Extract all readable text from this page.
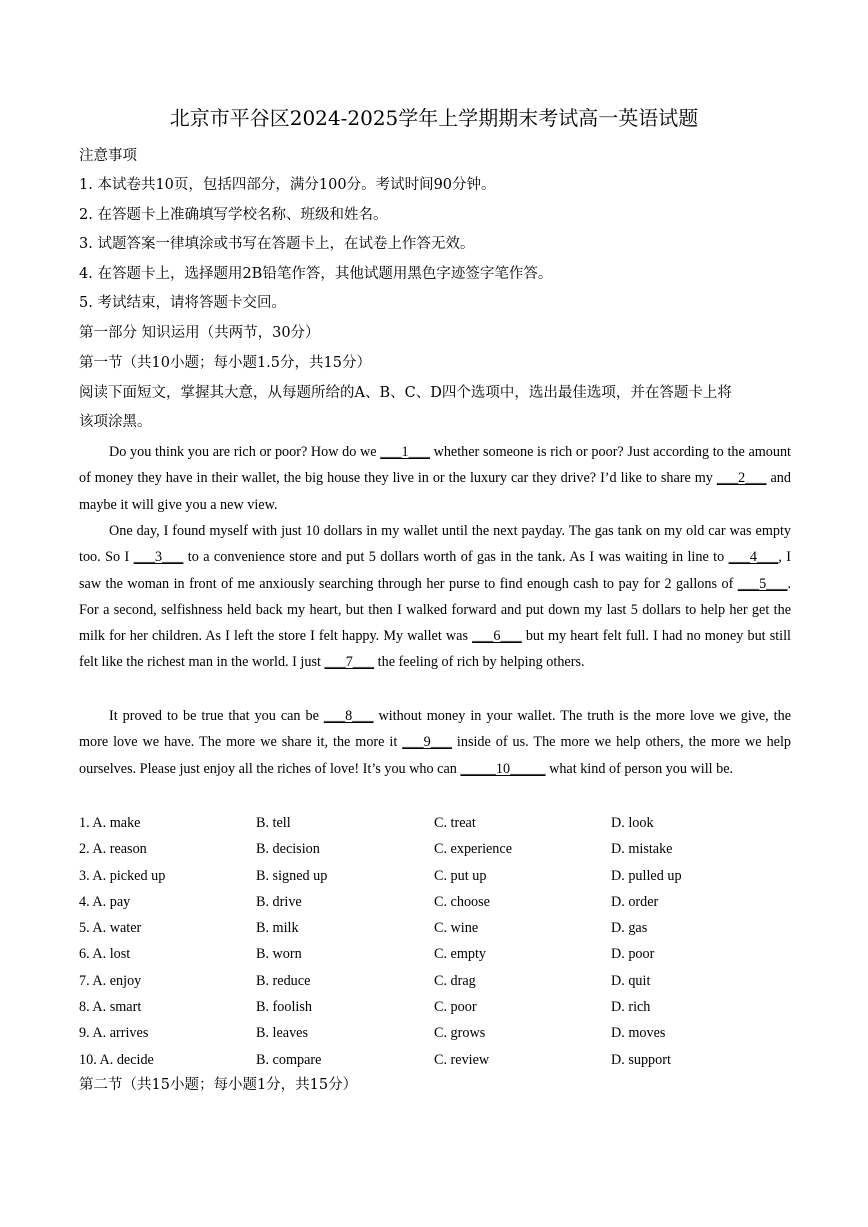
北京市平谷区2024-2025学年上学期期末考试高一英语试题
注意事项
1. 本试卷共10页，包括四部分，满分100分。考试时间90分钟。
2. 在答题卡上准确填写学校名称、班级和姓名。
3. 试题答案一律填涂或书写在答题卡上，在试卷上作答无效。
4. 在答题卡上，选择题用2B铅笔作答，其他试题用黑色字迹签字笔作答。
5. 考试结束，请将答题卡交回。
第一部分 知识运用（共两节，30分）
第一节（共10小题；每小题1.5分，共15分）
阅读下面短文，掌握其大意，从每题所给的A、B、C、D四个选项中，选出最佳选项，并在答题卡上将
该项涂黑。
Do you think you are rich or poor? How do we ___1___ whether someone is rich or poor? Just according to the amount of money they have in their wallet, the big house they live in or the luxury car they drive? I’d like to share my ___2___ and maybe it will give you a new view.
One day, I found myself with just 10 dollars in my wallet until the next payday. The gas tank on my old car was empty too. So I ___3___ to a convenience store and put 5 dollars worth of gas in the tank. As I was waiting in line to ___4___, I saw the woman in front of me anxiously searching through her purse to find enough cash to pay for 2 gallons of ___5___. For a second, selfishness held back my heart, but then I walked forward and put down my last 5 dollars to help her get the milk for her children. As I left the store I felt happy. My wallet was ___6___ but my heart felt full. I had no money but still felt like the richest man in the world. I just ___7___ the feeling of rich by helping others.
It proved to be true that you can be ___8___ without money in your wallet. The truth is the more love we give, the more love we have. The more we share it, the more it ___9___ inside of us. The more we help others, the more we help ourselves. Please just enjoy all the riches of love! It’s you who can _____10_____ what kind of person you will be.
1. A. make	B. tell	C. treat	D. look
2. A. reason	B. decision	C. experience	D. mistake
3. A. picked up	B. signed up	C. put up	D. pulled up
4. A. pay	B. drive	C. choose	D. order
5. A. water	B. milk	C. wine	D. gas
6. A. lost	B. worn	C. empty	D. poor
7. A. enjoy	B. reduce	C. drag	D. quit
8. A. smart	B. foolish	C. poor	D. rich
9. A. arrives	B. leaves	C. grows	D. moves
10. A. decide	B. compare	C. review	D. support
第二节（共15小题；每小题1分，共15分）
